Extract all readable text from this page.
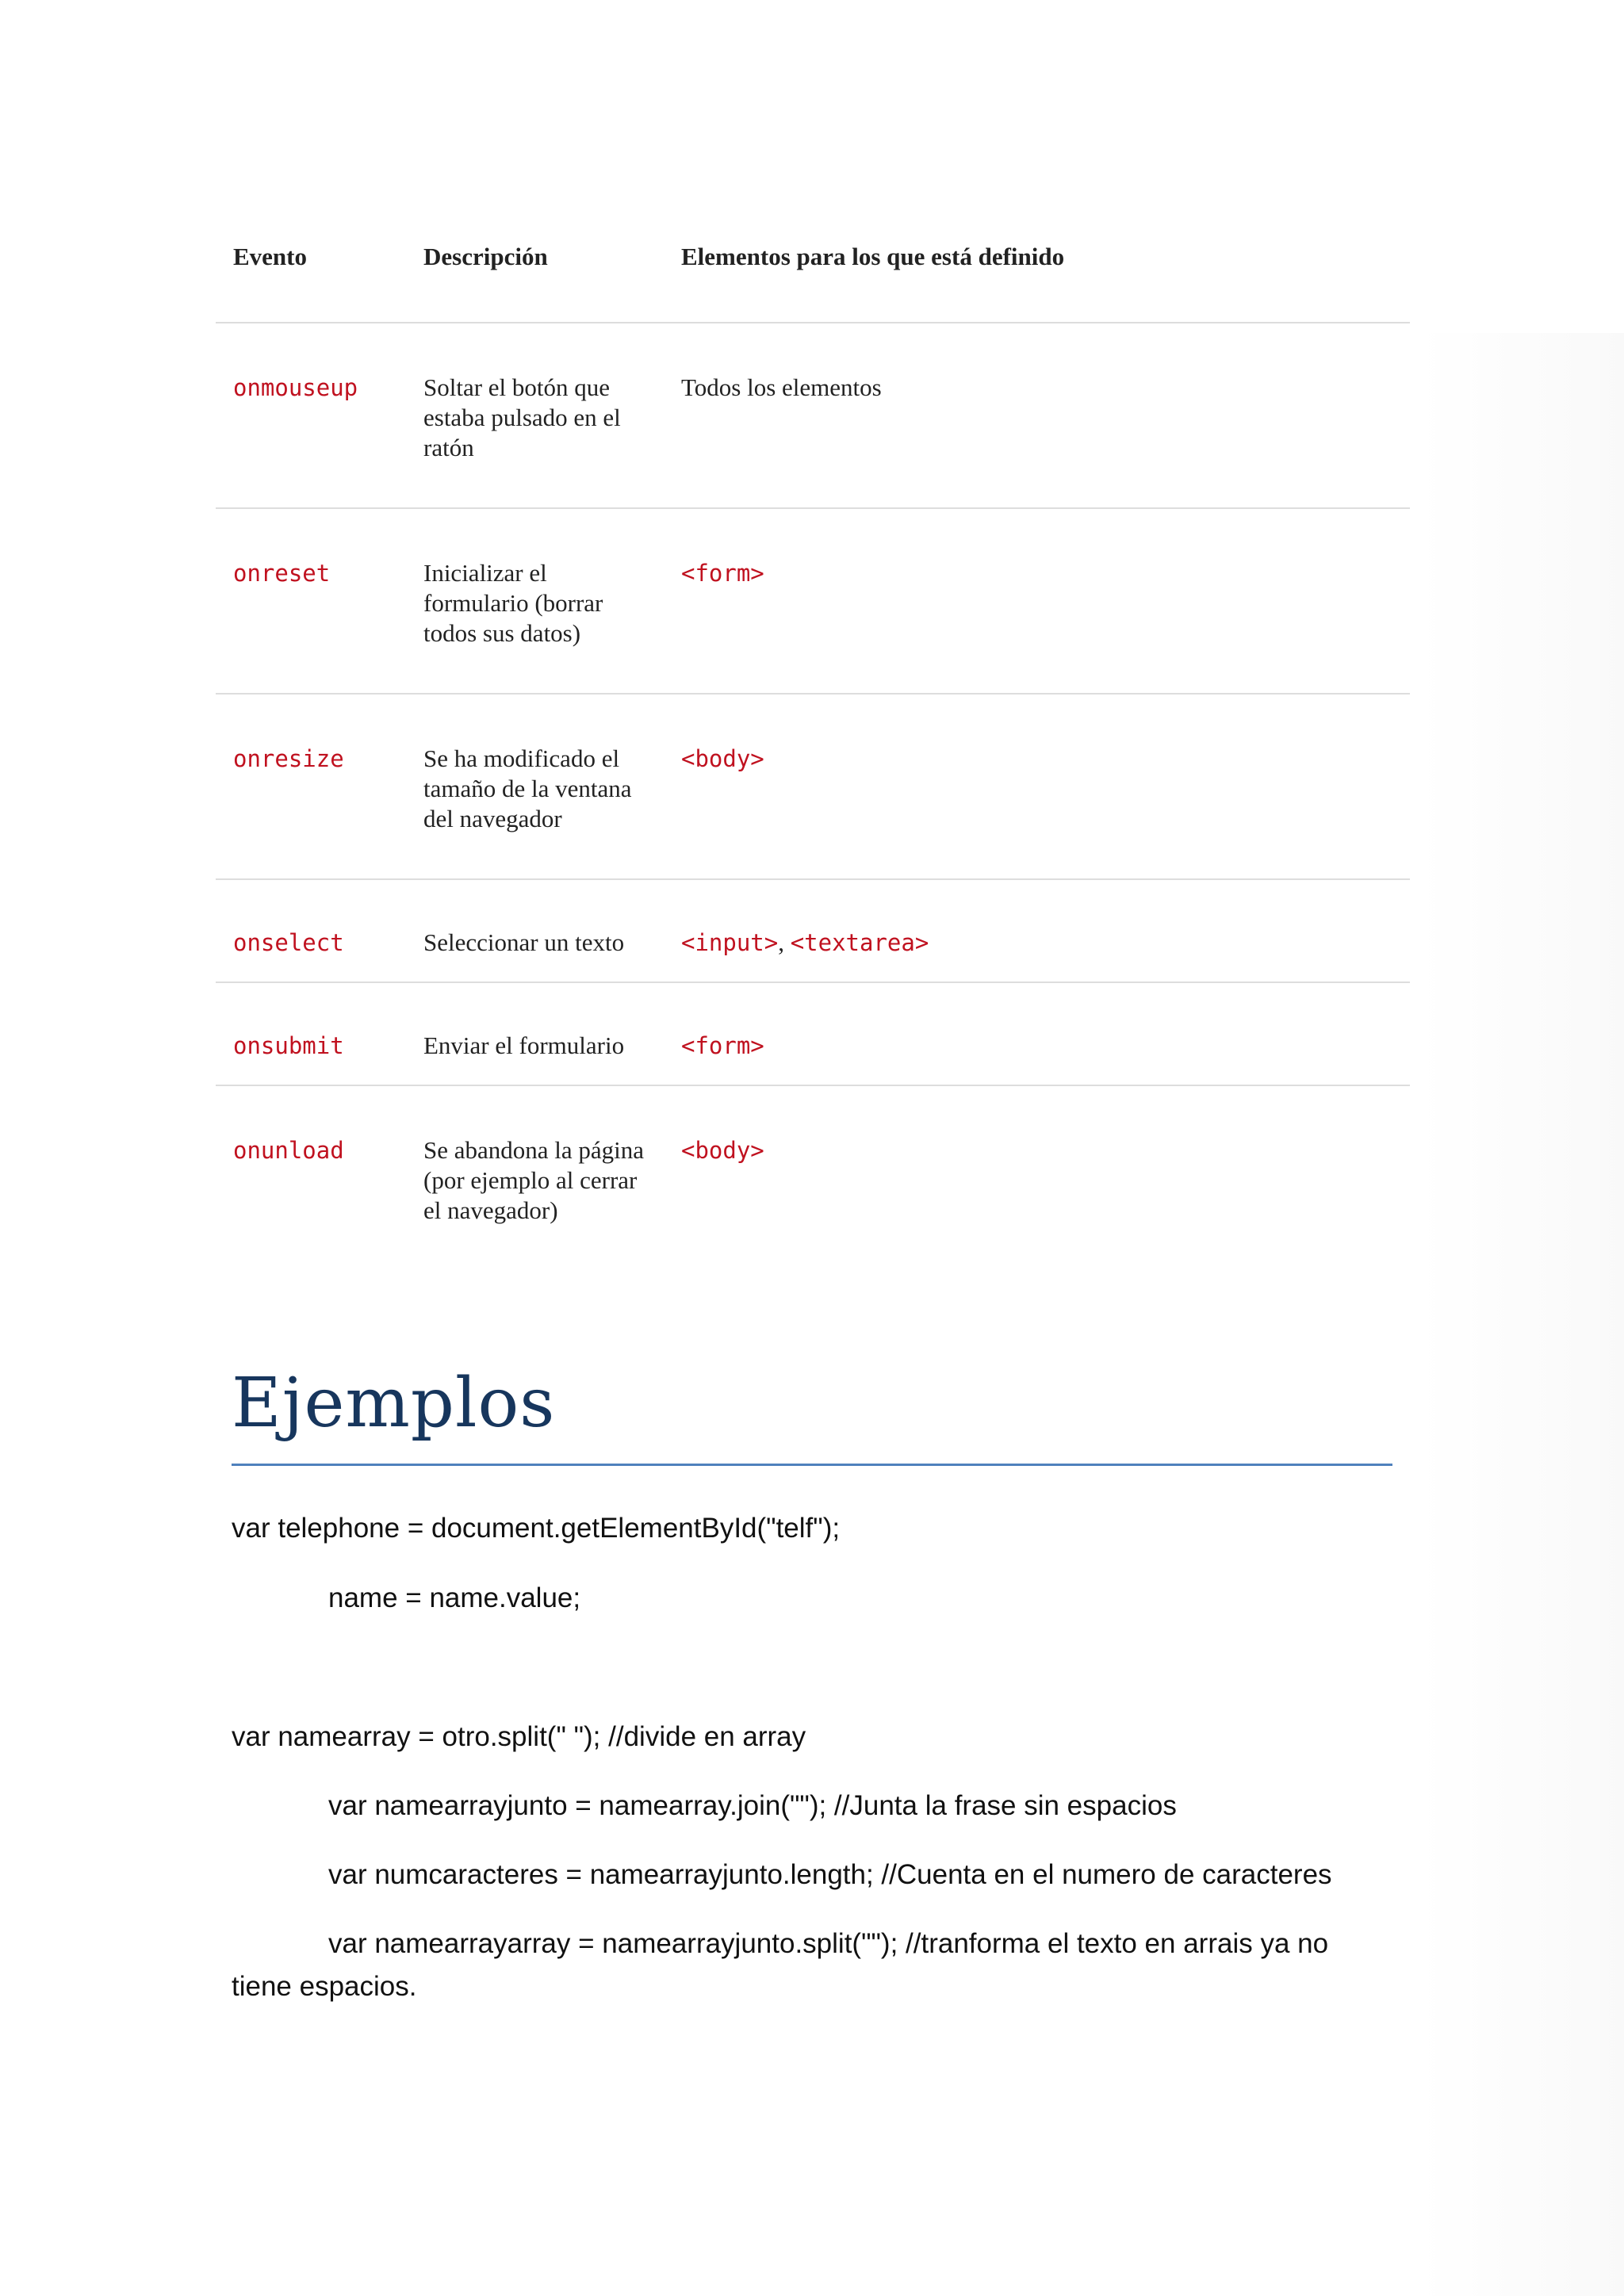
Evento	Descripción	Elementos para los que está definido

onmouseup	Soltar el botón que estaba pulsado en el ratón	Todos los elementos

onreset	Inicializar el formulario (borrar todos sus datos)	<form>

onresize	Se ha modificado el tamaño de la ventana del navegador	<body>

onselect	Seleccionar un texto	<input>, <textarea>

onsubmit	Enviar el formulario	<form>

onunload	Se abandona la página (por ejemplo al cerrar el navegador)	<body>
Ejemplos
var telephone = document.getElementById("telf");
name = name.value;
var namearray = otro.split(" "); //divide en array
var namearrayjunto = namearray.join(""); //Junta la frase sin espacios
var numcaracteres = namearrayjunto.length; //Cuenta en el numero de caracteres
var namearrayarray = namearrayjunto.split(""); //tranforma el texto en arrais ya no
tiene espacios.
